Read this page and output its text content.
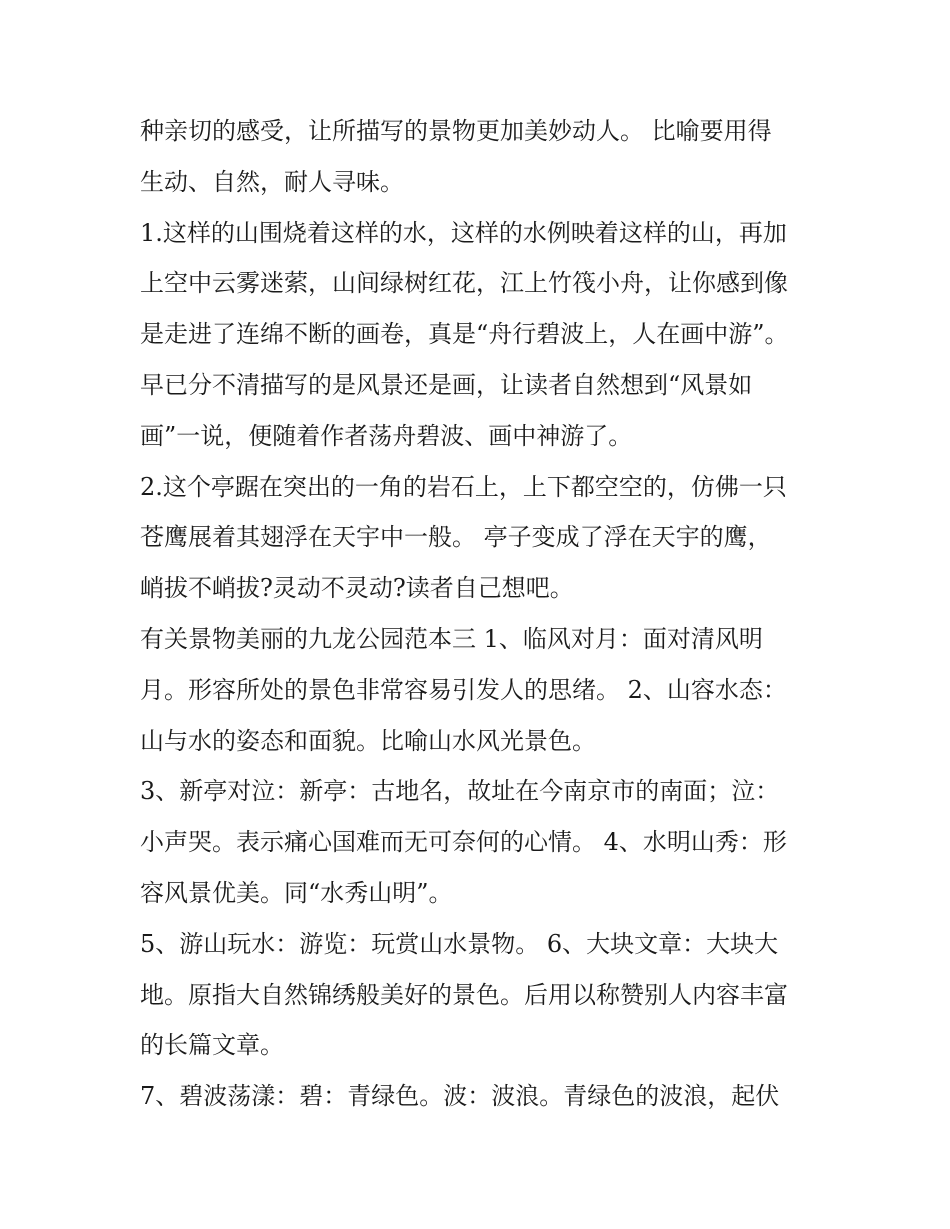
种亲切的感受，让所描写的景物更加美妙动人。 比喻要用得
生动、自然，耐人寻味。
1.这样的山围烧着这样的水，这样的水例映着这样的山，再加
上空中云雾迷萦，山间绿树红花，江上竹筏小舟，让你感到像
是走进了连绵不断的画卷，真是“舟行碧波上，人在画中游”。
早已分不清描写的是风景还是画，让读者自然想到“风景如
画”一说，便随着作者荡舟碧波、画中神游了。
2.这个亭踞在突出的一角的岩石上，上下都空空的，仿佛一只
苍鹰展着其翅浮在天宇中一般。 亭子变成了浮在天宇的鹰，
峭拔不峭拔?灵动不灵动?读者自己想吧。
有关景物美丽的九龙公园范本三 1、临风对月：面对清风明
月。形容所处的景色非常容易引发人的思绪。 2、山容水态：
山与水的姿态和面貌。比喻山水风光景色。
3、新亭对泣：新亭：古地名，故址在今南京市的南面；泣：
小声哭。表示痛心国难而无可奈何的心情。 4、水明山秀：形
容风景优美。同“水秀山明”。
5、游山玩水：游览：玩赏山水景物。 6、大块文章：大块大
地。原指大自然锦绣般美好的景色。后用以称赞别人内容丰富
的长篇文章。
7、碧波荡漾：碧：青绿色。波：波浪。青绿色的波浪，起伏
